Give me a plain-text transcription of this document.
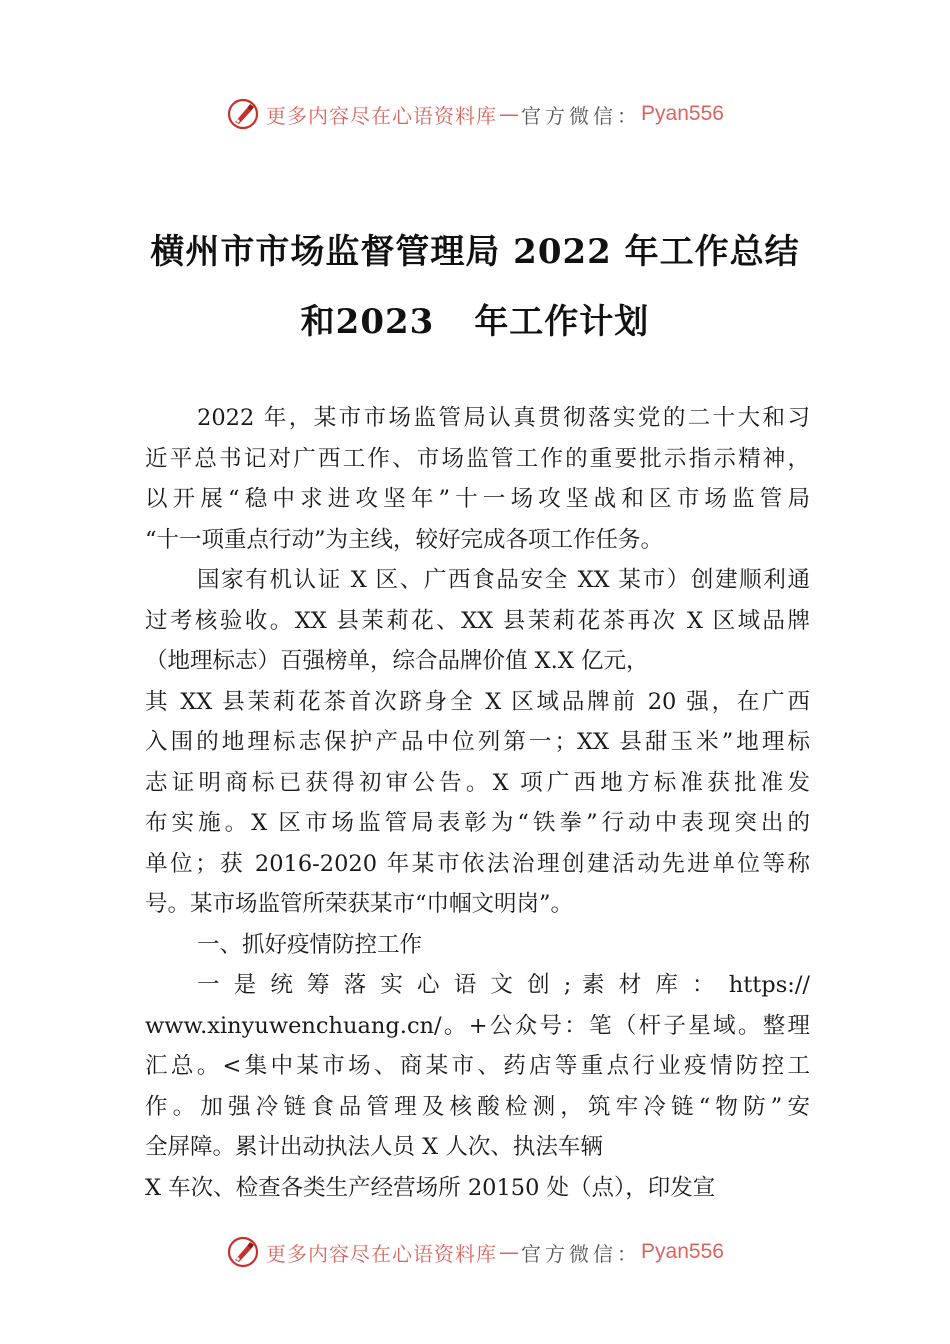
更多内容尽在心语资料库 — 官方微信： Pyan556
横州市市场监督管理局 2022 年工作总结
和2023 年工作计划

2022 年，某市市场监管局认真贯彻落实党的二十大和习

近平总书记对广西工作、市场监管工作的重要批示指示精神，

以开展“稳中求进攻坚年”十一场攻坚战和区市场监管局

“十一项重点行动”为主线，较好完成各项工作任务。

国家有机认证 X 区、广西食品安全 XX 某市）创建顺利通

过考核验收。XX 县茉莉花、XX 县茉莉花茶再次 X 区域品牌

（地理标志）百强榜单，综合品牌价值 X.X 亿元，

其 XX 县茉莉花茶首次跻身全 X 区域品牌前 20 强，在广西

入围的地理标志保护产品中位列第一；XX 县甜玉米”地理标

志证明商标已获得初审公告。X 项广西地方标准获批准发

布实施。X 区市场监管局表彰为“铁拳”行动中表现突出的

单位；获 2016-2020 年某市依法治理创建活动先进单位等称

号。某市场监管所荣获某市“巾帼文明岗”。

一、抓好疫情防控工作

一 是 统 筹 落 实 心 语 文 创 ; 素 材 库 ： https://

www.xinyuwenchuang.cn/。+公众号：笔（杆子星域。整理

汇总。<集中某市场、商某市、药店等重点行业疫情防控工

作。加强冷链食品管理及核酸检测，筑牢冷链“物防”安

全屏障。累计出动执法人员 X 人次、执法车辆

X 车次、检查各类生产经营场所 20150 处（点），印发宣

更多内容尽在心语资料库 — 官方微信： Pyan556
